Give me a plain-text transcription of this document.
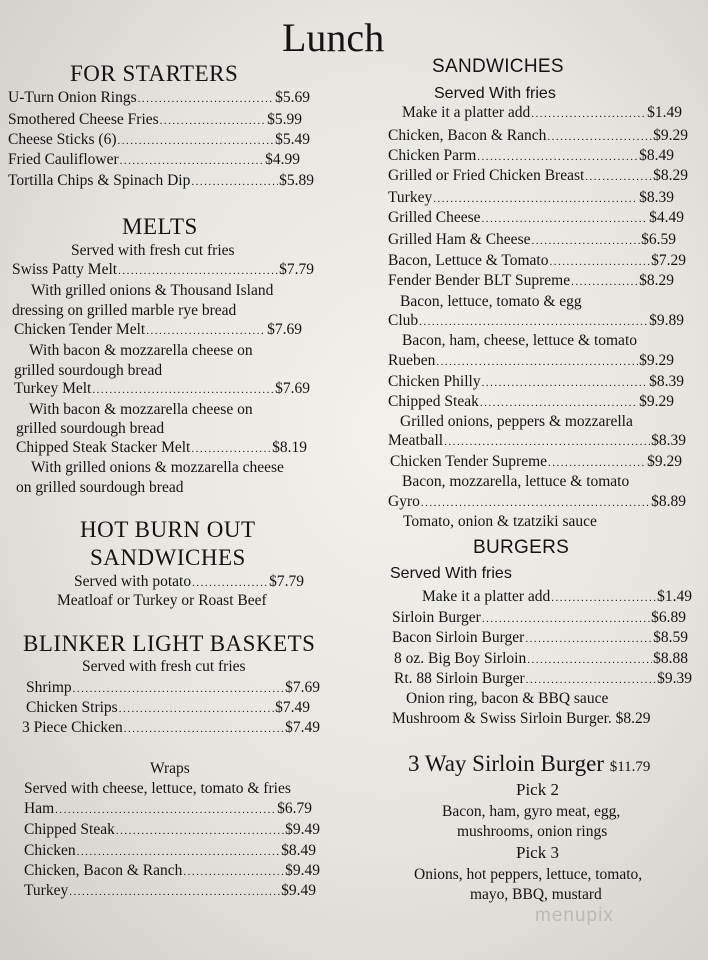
Lunch
FOR STARTERS
U-Turn Onion Rings .....	$5.69
Smothered Cheese Fries .....	$5.99
Cheese Sticks (6) .....	$5.49
Fried Cauliflower .....	$4.99
Tortilla Chips & Spinach Dip .....	$5.89
MELTS
Served with fresh cut fries
Swiss Patty Melt .....	$7.79
With grilled onions & Thousand Island
dressing on grilled marble rye bread
Chicken Tender Melt .....	$7.69
With bacon & mozzarella cheese on
grilled sourdough bread
Turkey Melt .....	$7.69
With bacon & mozzarella cheese on
grilled sourdough bread
Chipped Steak Stacker Melt .....	$8.19
With grilled onions & mozzarella cheese
on grilled sourdough bread
HOT BURN OUT
SANDWICHES
Served with potato .....	$7.79
Meatloaf or Turkey or Roast Beef
BLINKER LIGHT BASKETS
Served with fresh cut fries
Shrimp .....	$7.69
Chicken Strips .....	$7.49
3 Piece Chicken .....	$7.49
Wraps
Served with cheese, lettuce, tomato & fries
Ham .....	$6.79
Chipped Steak .....	$9.49
Chicken .....	$8.49
Chicken, Bacon & Ranch .....	$9.49
Turkey .....	$9.49
SANDWICHES
Served With fries
Make it a platter add .....	$1.49
Chicken, Bacon & Ranch .....	$9.29
Chicken Parm .....	$8.49
Grilled or Fried Chicken Breast .....	$8.29
Turkey .....	$8.39
Grilled Cheese .....	$4.49
Grilled Ham & Cheese .....	$6.59
Bacon, Lettuce & Tomato .....	$7.29
Fender Bender BLT Supreme .....	$8.29
Bacon, lettuce, tomato & egg
Club .....	$9.89
Bacon, ham, cheese, lettuce & tomato
Rueben .....	$9.29
Chicken Philly .....	$8.39
Chipped Steak .....	$9.29
Grilled onions, peppers & mozzarella
Meatball .....	$8.39
Chicken Tender Supreme .....	$9.29
Bacon, mozzarella, lettuce & tomato
Gyro .....	$8.89
Tomato, onion & tzatziki sauce
BURGERS
Served With fries
Make it a platter add .....	$1.49
Sirloin Burger .....	$6.89
Bacon Sirloin Burger .....	$8.59
8 oz. Big Boy Sirloin .....	$8.88
Rt. 88 Sirloin Burger .....	$9.39
Onion ring, bacon & BBQ sauce
Mushroom & Swiss Sirloin Burger. $8.29
3 Way Sirloin Burger $11.79
Pick 2
Bacon, ham, gyro meat, egg,
mushrooms, onion rings
Pick 3
Onions, hot peppers, lettuce, tomato,
mayo, BBQ, mustard
menupix
